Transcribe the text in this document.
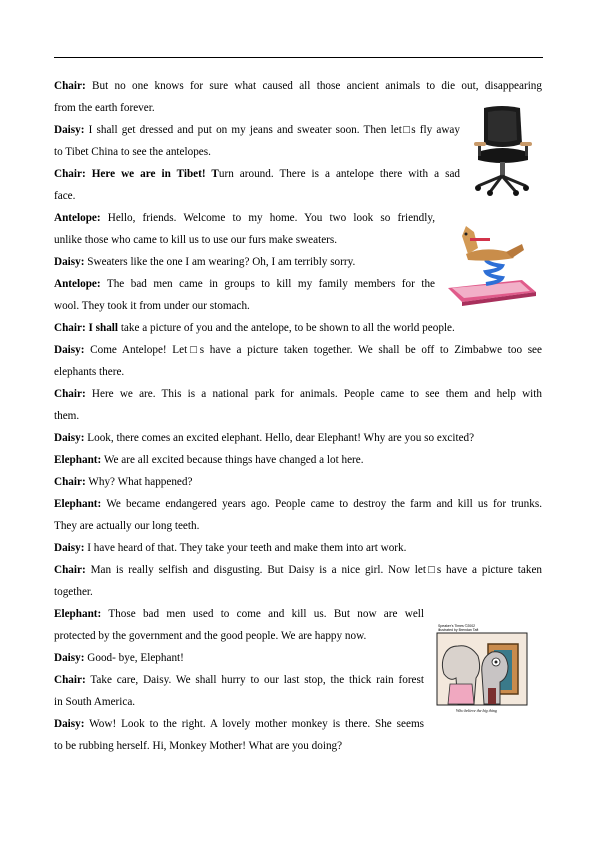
Chair: But no one knows for sure what caused all those ancient animals to die out, disappearing
from the earth forever.
Daisy: I shall get dressed and put on my jeans and sweater soon. Then let□s fly away
to Tibet China to see the antelopes.
Chair: Here we are in Tibet! Turn around. There is a antelope there with a sad
face.
Antelope: Hello, friends. Welcome to my home. You two look so friendly,
unlike those who came to kill us to use our furs make sweaters.
Daisy: Sweaters like the one I am wearing? Oh, I am terribly sorry.
Antelope: The bad men came in groups to kill my family members for the
wool. They took it from under our stomach.
Chair: I shall take a picture of you and the antelope, to be shown to all the world people.
Daisy: Come Antelope! Let□s have a picture taken together. We shall be off to Zimbabwe too see
elephants there.
Chair: Here we are. This is a national park for animals. People came to see them and help with
them.
Daisy: Look, there comes an excited elephant. Hello, dear Elephant! Why are you so excited?
Elephant: We are all excited because things have changed a lot here.
Chair: Why? What happened?
Elephant: We became endangered years ago. People came to destroy the farm and kill us for trunks.
They are actually our long teeth.
Daisy: I have heard of that. They take your teeth and make them into art work.
Chair: Man is really selfish and disgusting. But Daisy is a nice girl. Now let□s have a picture taken
together.
Elephant: Those bad men used to come and kill us. But now are well
protected by the government and the good people. We are happy now.
Daisy: Good- bye, Elephant!
Chair: Take care, Daisy. We shall hurry to our last stop, the thick rain forest
in South America.
Daisy: Wow! Look to the right. A lovely mother monkey is there. She seems
to be rubbing herself. Hi, Monkey Mother! What are you doing?
Speaker's Times ©2002
illustrated by Brendan Taft
Who believe the big thing
